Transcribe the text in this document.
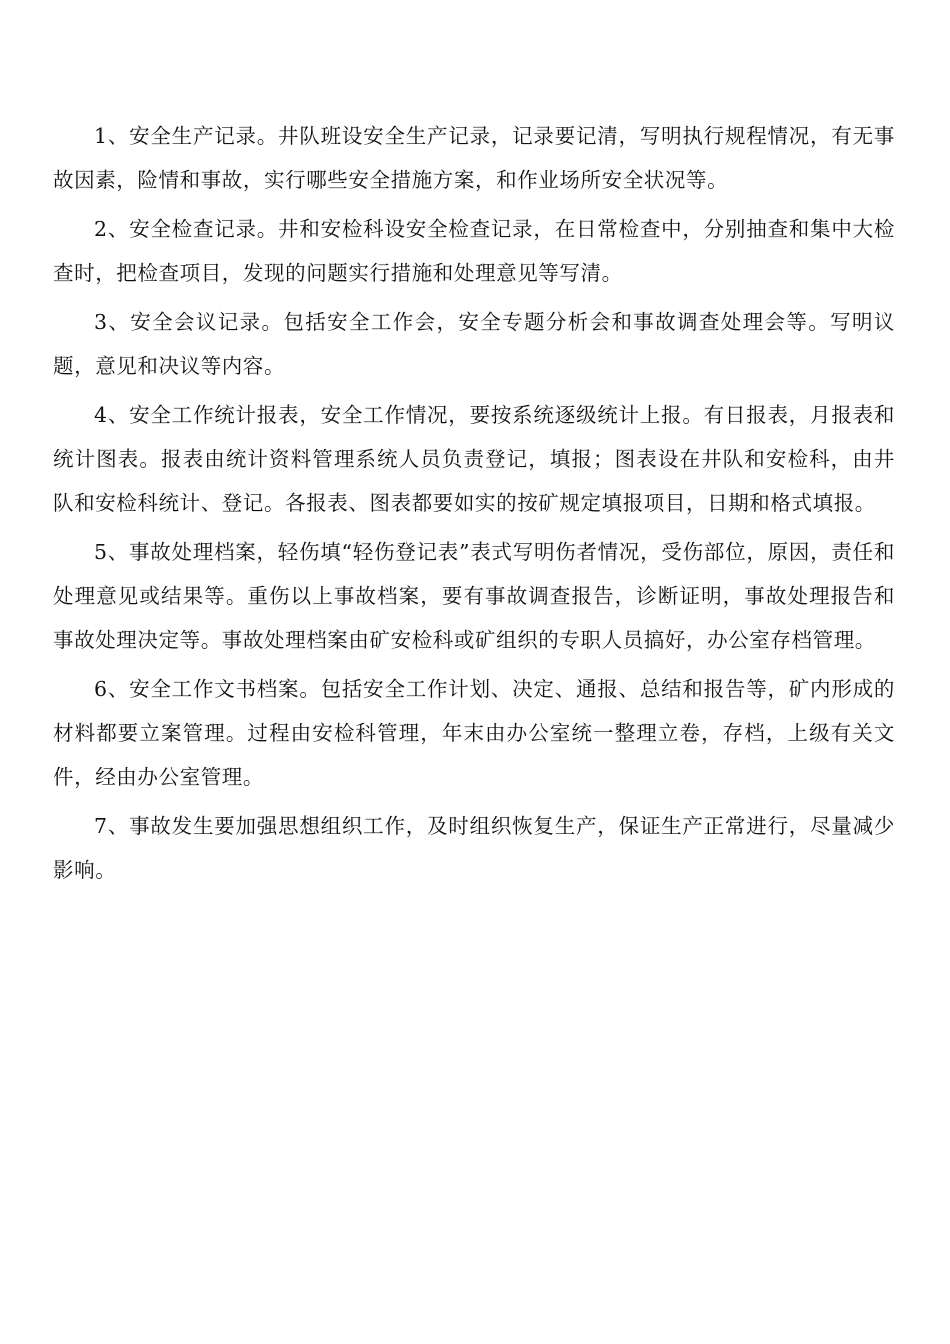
1、安全生产记录。井队班设安全生产记录，记录要记清，写明执行规程情况，有无事故因素，险情和事故，实行哪些安全措施方案，和作业场所安全状况等。

2、安全检查记录。井和安检科设安全检查记录，在日常检查中，分别抽查和集中大检查时，把检查项目，发现的问题实行措施和处理意见等写清。

3、安全会议记录。包括安全工作会，安全专题分析会和事故调查处理会等。写明议题，意见和决议等内容。

4、安全工作统计报表，安全工作情况，要按系统逐级统计上报。有日报表，月报表和统计图表。报表由统计资料管理系统人员负责登记，填报；图表设在井队和安检科，由井队和安检科统计、登记。各报表、图表都要如实的按矿规定填报项目，日期和格式填报。

5、事故处理档案，轻伤填“轻伤登记表”表式写明伤者情况，受伤部位，原因，责任和处理意见或结果等。重伤以上事故档案，要有事故调查报告，诊断证明，事故处理报告和事故处理决定等。事故处理档案由矿安检科或矿组织的专职人员搞好，办公室存档管理。

6、安全工作文书档案。包括安全工作计划、决定、通报、总结和报告等，矿内形成的材料都要立案管理。过程由安检科管理，年末由办公室统一整理立卷，存档，上级有关文件，经由办公室管理。

7、事故发生要加强思想组织工作，及时组织恢复生产，保证生产正常进行，尽量减少影响。
